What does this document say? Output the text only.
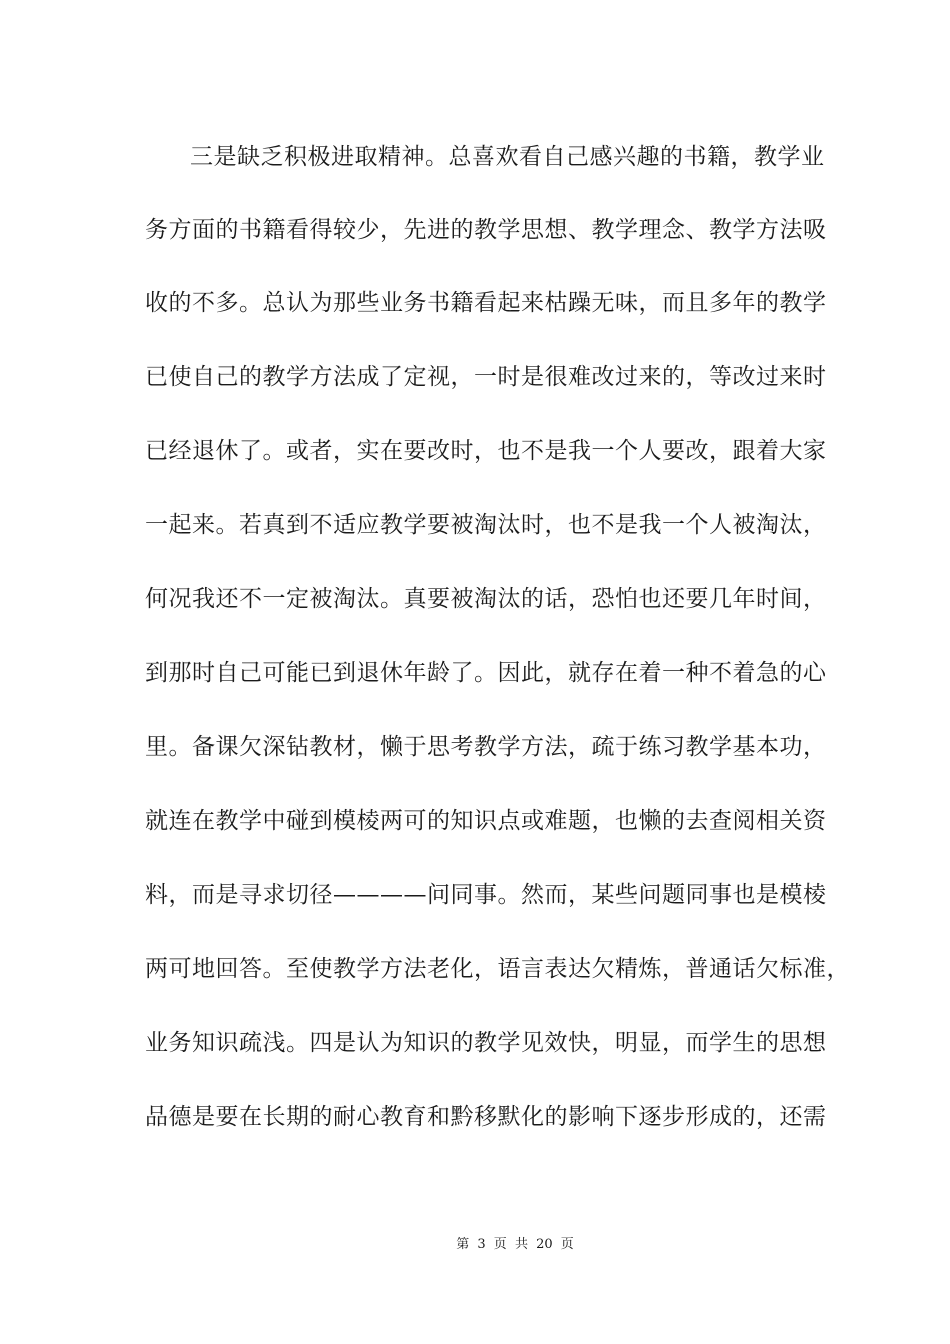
三是缺乏积极进取精神。总喜欢看自己感兴趣的书籍，教学业
务方面的书籍看得较少，先进的教学思想、教学理念、教学方法吸
收的不多。总认为那些业务书籍看起来枯躁无味，而且多年的教学
已使自己的教学方法成了定视，一时是很难改过来的，等改过来时
已经退休了。或者，实在要改时，也不是我一个人要改，跟着大家
一起来。若真到不适应教学要被淘汰时，也不是我一个人被淘汰，
何况我还不一定被淘汰。真要被淘汰的话，恐怕也还要几年时间，
到那时自己可能已到退休年龄了。因此，就存在着一种不着急的心
里。备课欠深钻教材，懒于思考教学方法，疏于练习教学基本功，
就连在教学中碰到模棱两可的知识点或难题，也懒的去查阅相关资
料，而是寻求切径————问同事。然而，某些问题同事也是模棱
两可地回答。至使教学方法老化，语言表达欠精炼，普通话欠标准，
业务知识疏浅。四是认为知识的教学见效快，明显，而学生的思想
品德是要在长期的耐心教育和黔移默化的影响下逐步形成的，还需
第 3 页 共 20 页
